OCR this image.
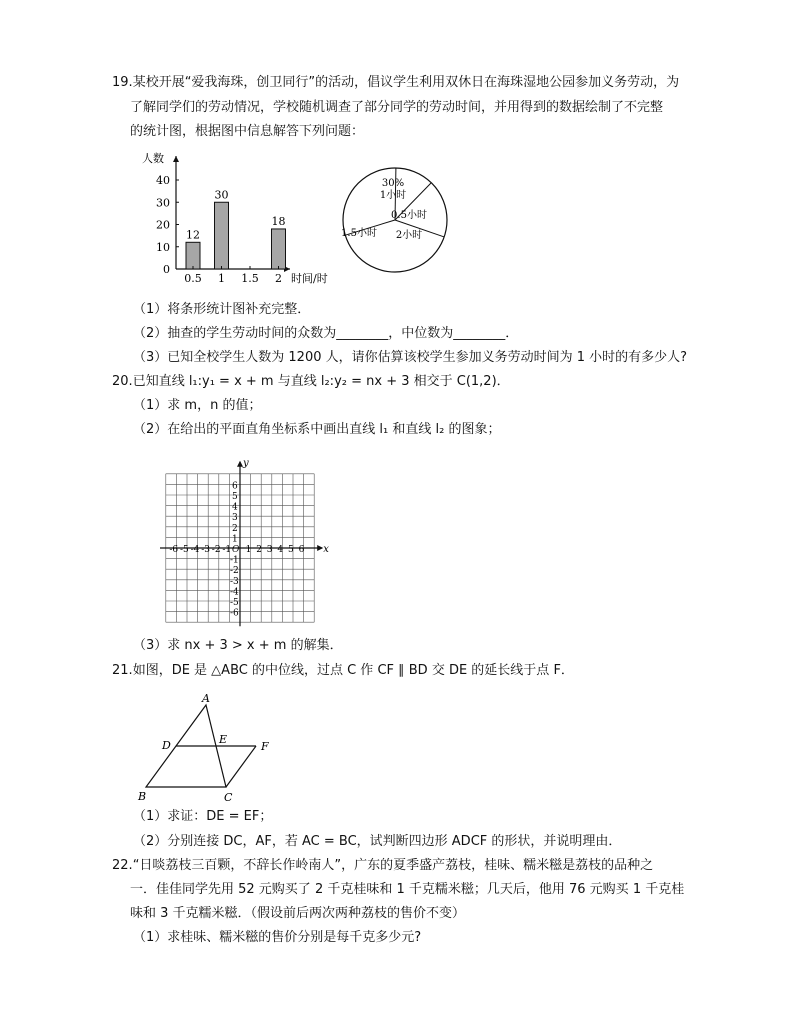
19.某校开展“爱我海珠，创卫同行”的活动，倡议学生利用双休日在海珠湿地公园参加义务劳动，为
了解同学们的劳动情况，学校随机调查了部分同学的劳动时间，并用得到的数据绘制了不完整
的统计图，根据图中信息解答下列问题：
0
10
20
30
40
人数
时间/时
12
0.5
30
1 1.5
18
2
30%
1小时
0.5小时
2小时
1.5小时
（1）将条形统计图补充完整．
（2）抽查的学生劳动时间的众数为________，中位数为________．
（3）已知全校学生人数为 1200 人，请你估算该校学生参加义务劳动时间为 1 小时的有多少人?
20.已知直线 l₁:y₁ = x + m 与直线 l₂:y₂ = nx + 3 相交于 C(1,2)．
（1）求 m，n 的值；
（2）在给出的平面直角坐标系中画出直线 l₁ 和直线 l₂ 的图象；
x
y
O 1
-1
1
-1
2
-2
2
-2
3
-3
3
-3
4
-4
4
-4
5
-5
5
-5
6
-6
6
-6
（3）求 nx + 3 > x + m 的解集．
21.如图，DE 是 △ABC 的中位线，过点 C 作 CF ∥ BD 交 DE 的延长线于点 F．
A
B	C
D	E
F
（1）求证：DE = EF；
（2）分别连接 DC，AF，若 AC = BC，试判断四边形 ADCF 的形状，并说明理由．
22.“日啖荔枝三百颗，不辞长作岭南人”，广东的夏季盛产荔枝，桂味、糯米糍是荔枝的品种之
一．佳佳同学先用 52 元购买了 2 千克桂味和 1 千克糯米糍；几天后，他用 76 元购买 1 千克桂
味和 3 千克糯米糍．（假设前后两次两种荔枝的售价不变）
（1）求桂味、糯米糍的售价分别是每千克多少元?
